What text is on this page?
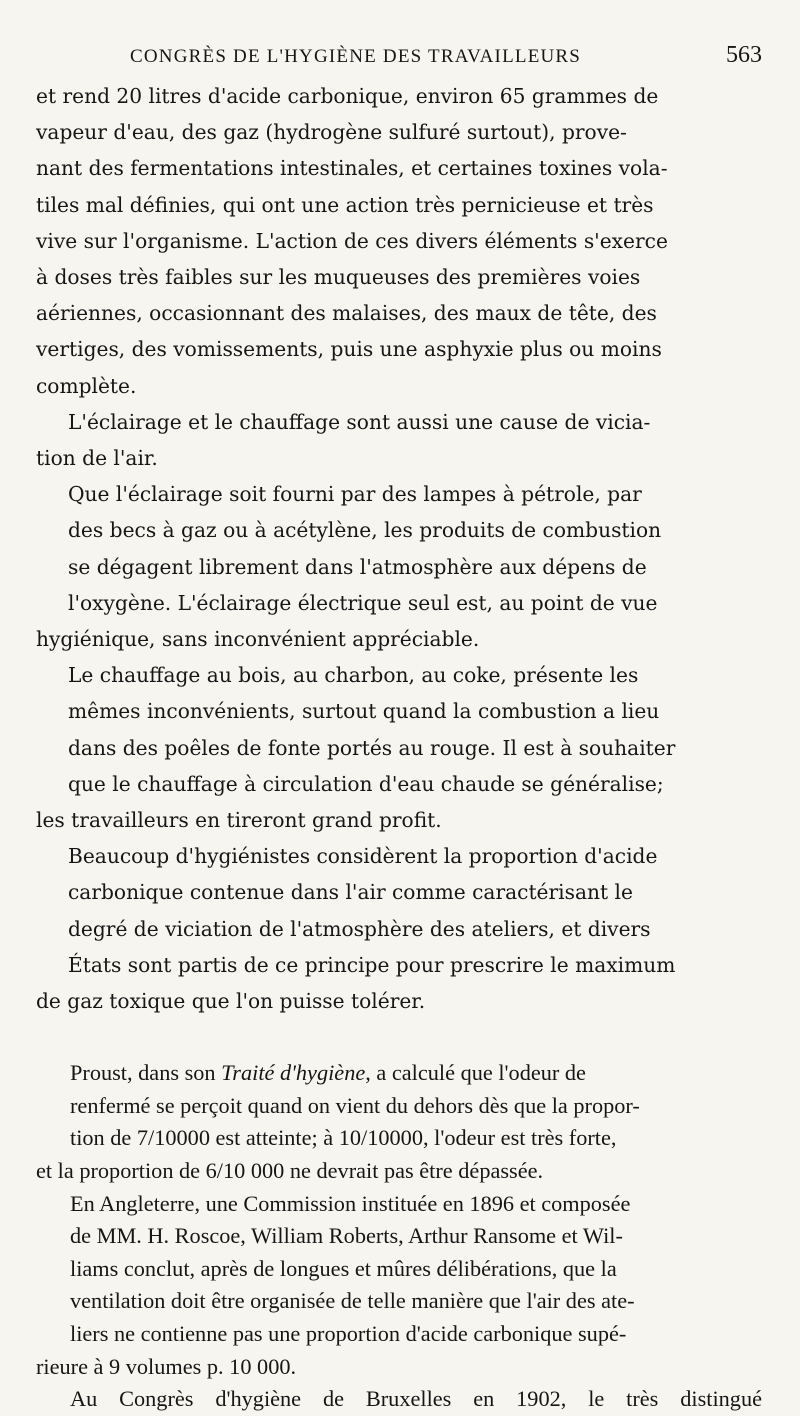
CONGRÈS DE L'HYGIÈNE DES TRAVAILLEURS	563

et rend 20 litres d'acide carbonique, environ 65 grammes de
vapeur d'eau, des gaz (hydrogène sulfuré surtout), prove-
nant des fermentations intestinales, et certaines toxines vola-
tiles mal définies, qui ont une action très pernicieuse et très
vive sur l'organisme. L'action de ces divers éléments s'exerce
à doses très faibles sur les muqueuses des premières voies
aériennes, occasionnant des malaises, des maux de tête, des
vertiges, des vomissements, puis une asphyxie plus ou moins
complète.

L'éclairage et le chauffage sont aussi une cause de vicia-
tion de l'air.

Que l'éclairage soit fourni par des lampes à pétrole, par
des becs à gaz ou à acétylène, les produits de combustion
se dégagent librement dans l'atmosphère aux dépens de
l'oxygène. L'éclairage électrique seul est, au point de vue
hygiénique, sans inconvénient appréciable.

Le chauffage au bois, au charbon, au coke, présente les
mêmes inconvénients, surtout quand la combustion a lieu
dans des poêles de fonte portés au rouge. Il est à souhaiter
que le chauffage à circulation d'eau chaude se généralise;
les travailleurs en tireront grand profit.

Beaucoup d'hygiénistes considèrent la proportion d'acide
carbonique contenue dans l'air comme caractérisant le
degré de viciation de l'atmosphère des ateliers, et divers
États sont partis de ce principe pour prescrire le maximum
de gaz toxique que l'on puisse tolérer.

Proust, dans son Traité d'hygiène, a calculé que l'odeur de
renfermé se perçoit quand on vient du dehors dès que la propor-
tion de 7/10000 est atteinte; à 10/10000, l'odeur est très forte,
et la proportion de 6/10 000 ne devrait pas être dépassée.

En Angleterre, une Commission instituée en 1896 et composée
de MM. H. Roscoe, William Roberts, Arthur Ransome et Wil-
liams conclut, après de longues et mûres délibérations, que la
ventilation doit être organisée de telle manière que l'air des ate-
liers ne contienne pas une proportion d'acide carbonique supé-
rieure à 9 volumes p. 10 000.

Au Congrès d'hygiène de Bruxelles en 1902, le très distingué
